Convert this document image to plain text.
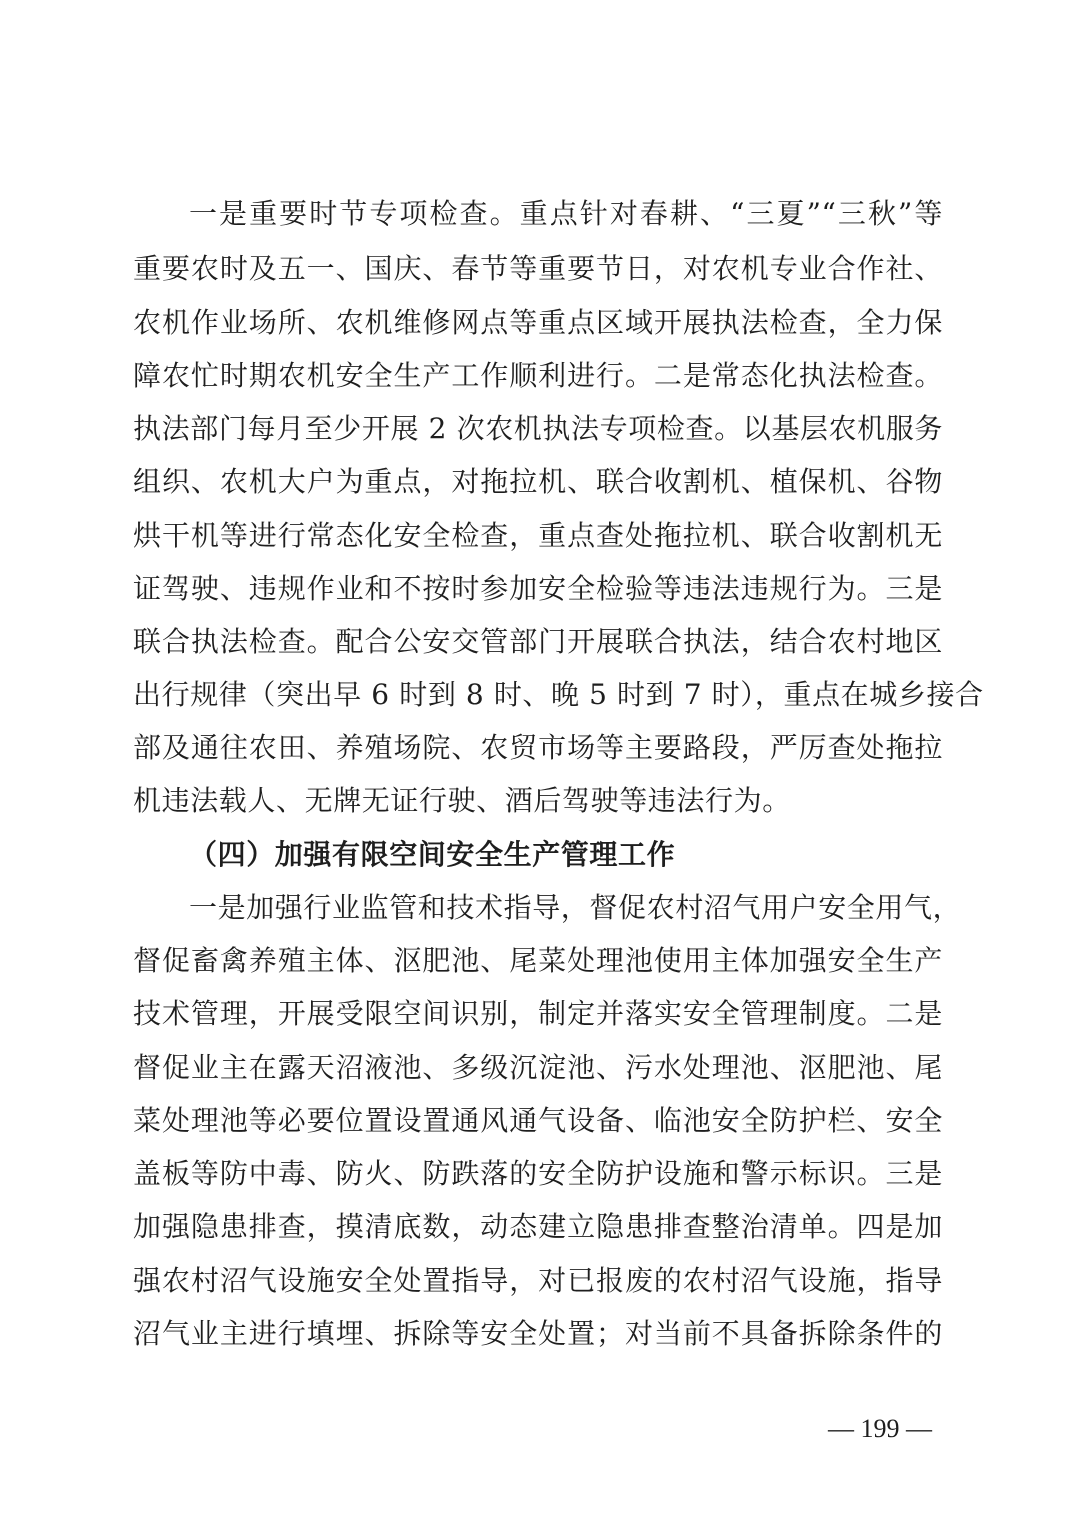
一是重要时节专项检查。重点针对春耕、“三夏”“三秋”等
重要农时及五一、国庆、春节等重要节日，对农机专业合作社、
农机作业场所、农机维修网点等重点区域开展执法检查，全力保
障农忙时期农机安全生产工作顺利进行。二是常态化执法检查。
执法部门每月至少开展 2 次农机执法专项检查。以基层农机服务
组织、农机大户为重点，对拖拉机、联合收割机、植保机、谷物
烘干机等进行常态化安全检查，重点查处拖拉机、联合收割机无
证驾驶、违规作业和不按时参加安全检验等违法违规行为。三是
联合执法检查。配合公安交管部门开展联合执法，结合农村地区
出行规律（突出早 6 时到 8 时、晚 5 时到 7 时），重点在城乡接合
部及通往农田、养殖场院、农贸市场等主要路段，严厉查处拖拉
机违法载人、无牌无证行驶、酒后驾驶等违法行为。
（四）加强有限空间安全生产管理工作
一是加强行业监管和技术指导，督促农村沼气用户安全用气，
督促畜禽养殖主体、沤肥池、尾菜处理池使用主体加强安全生产
技术管理，开展受限空间识别，制定并落实安全管理制度。二是
督促业主在露天沼液池、多级沉淀池、污水处理池、沤肥池、尾
菜处理池等必要位置设置通风通气设备、临池安全防护栏、安全
盖板等防中毒、防火、防跌落的安全防护设施和警示标识。三是
加强隐患排查，摸清底数，动态建立隐患排查整治清单。四是加
强农村沼气设施安全处置指导，对已报废的农村沼气设施，指导
沼气业主进行填埋、拆除等安全处置；对当前不具备拆除条件的
— 199 —
